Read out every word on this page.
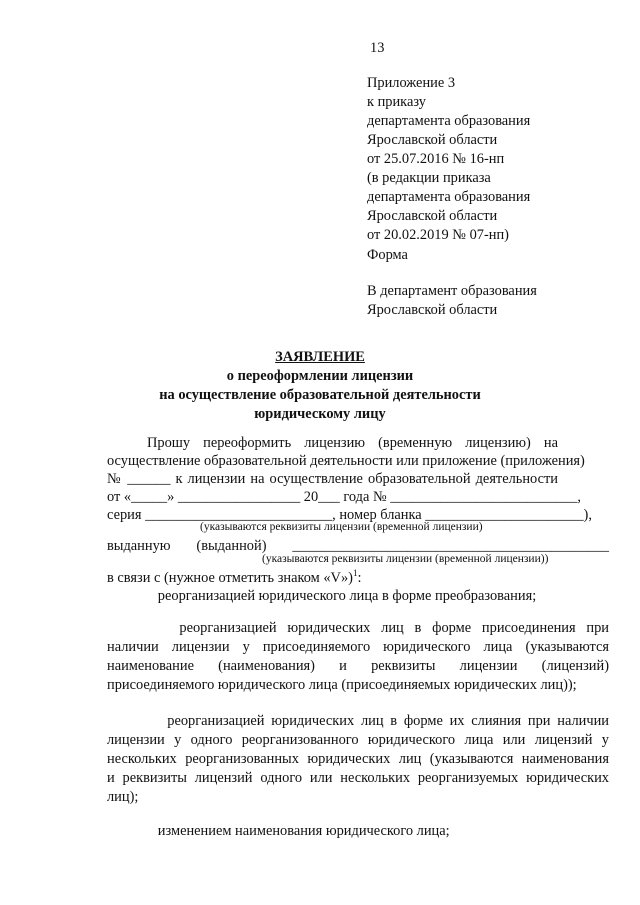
13
Приложение 3
к приказу
департамента образования
Ярославской области
от 25.07.2016 № 16-нп
(в редакции приказа
департамента образования
Ярославской области
от 20.02.2019 № 07-нп)
Форма
В департамент образования
Ярославской области
ЗАЯВЛЕНИЕ
о переоформлении лицензии
на осуществление образовательной деятельности
юридическому лицу
Прошу переоформить лицензию (временную лицензию) на
осуществление образовательной деятельности или приложение (приложения)
№ ______ к лицензии на осуществление образовательной деятельности
от «_____» _________________ 20___ года № __________________________,
серия __________________________, номер бланка ______________________),
(указываются реквизиты лицензии (временной лицензии)
выданную (выданной) ____________________________________________
(указываются реквизиты лицензии (временной лицензии))
в связи с (нужное отметить знаком «V»)$^1$:
реорганизацией юридического лица в форме преобразования;
реорганизацией юридических лиц в форме присоединения при
наличии лицензии у присоединяемого юридического лица (указываются
наименование (наименования) и реквизиты лицензии (лицензий)
присоединяемого юридического лица (присоединяемых юридических лиц));
реорганизацией юридических лиц в форме их слияния при наличии
лицензии у одного реорганизованного юридического лица или лицензий у
нескольких реорганизованных юридических лиц (указываются наименования
и реквизиты лицензий одного или нескольких реорганизуемых юридических
лиц);
изменением наименования юридического лица;
